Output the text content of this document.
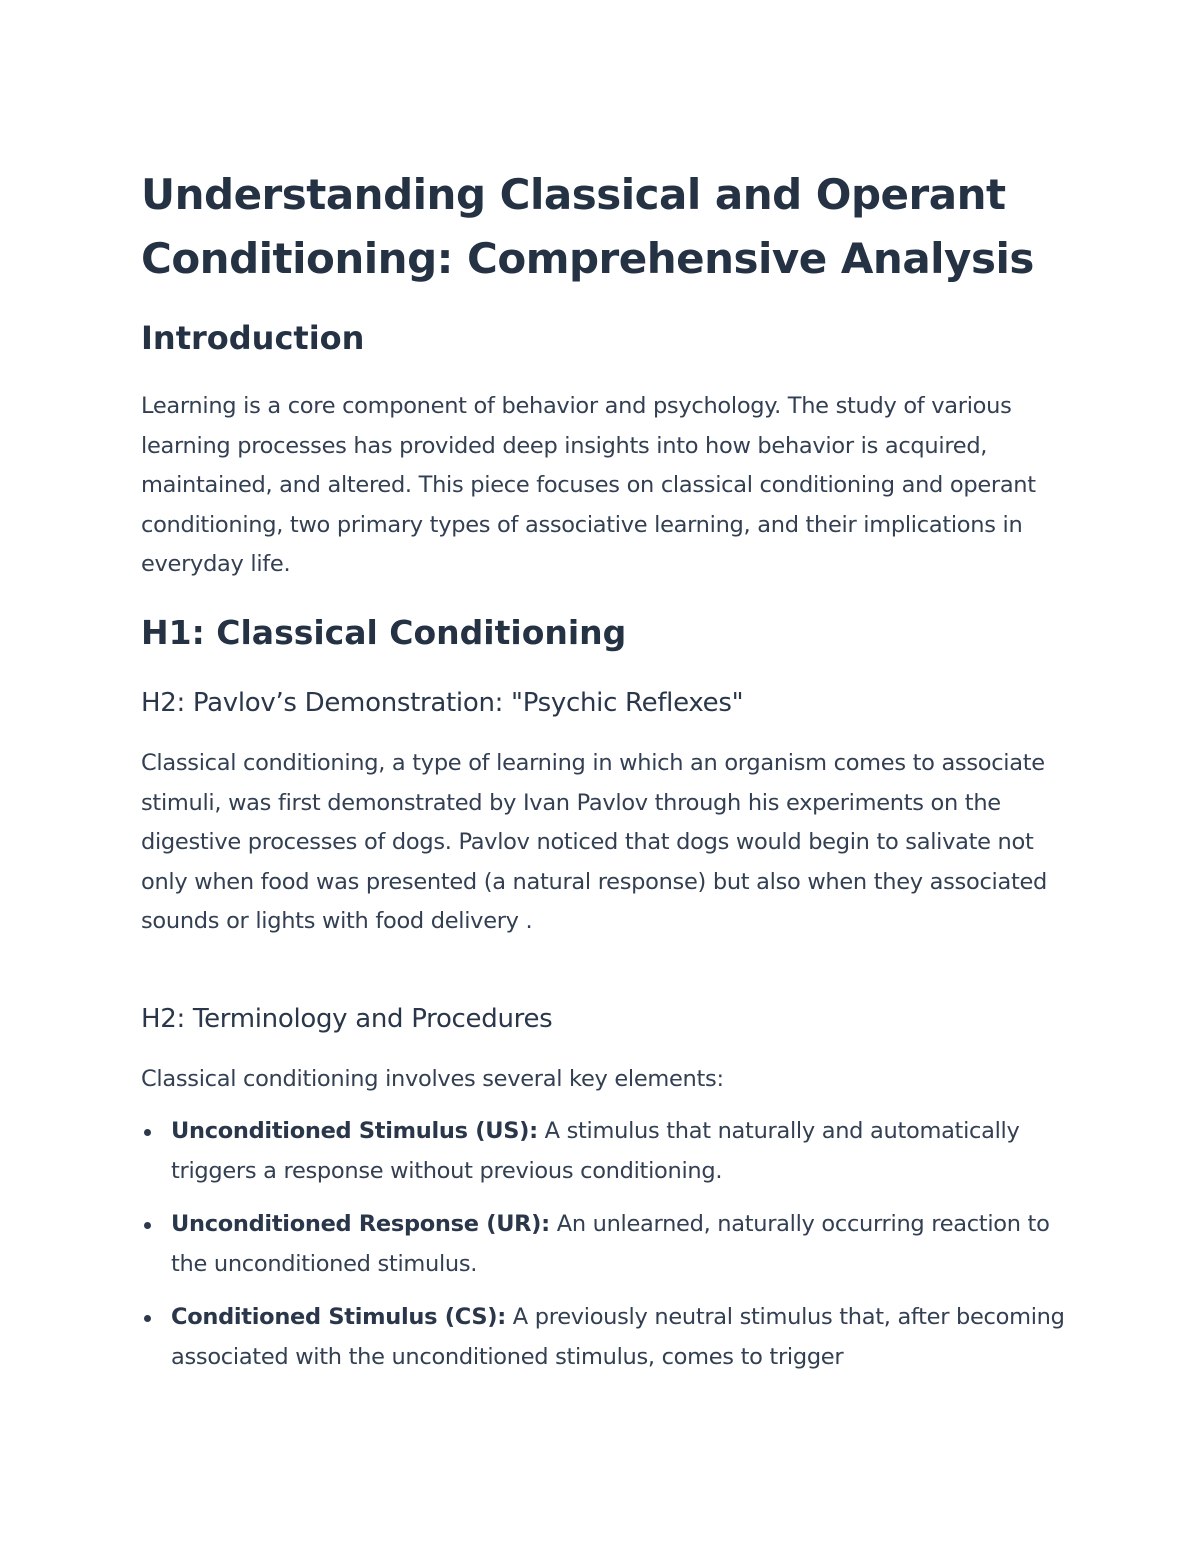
Understanding Classical and Operant Conditioning: Comprehensive Analysis
Introduction

Learning is a core component of behavior and psychology. The study of various learning processes has provided deep insights into how behavior is acquired, maintained, and altered. This piece focuses on classical conditioning and operant conditioning, two primary types of associative learning, and their implications in everyday life.

H1: Classical Conditioning
H2: Pavlov’s Demonstration: "Psychic Reflexes"

Classical conditioning, a type of learning in which an organism comes to associate stimuli, was first demonstrated by Ivan Pavlov through his experiments on the digestive processes of dogs. Pavlov noticed that dogs would begin to salivate not only when food was presented (a natural response) but also when they associated sounds or lights with food delivery .

H2: Terminology and Procedures

Classical conditioning involves several key elements:

Unconditioned Stimulus (US): A stimulus that naturally and automatically triggers a response without previous conditioning.
Unconditioned Response (UR): An unlearned, naturally occurring reaction to the unconditioned stimulus.
Conditioned Stimulus (CS): A previously neutral stimulus that, after becoming associated with the unconditioned stimulus, comes to trigger
